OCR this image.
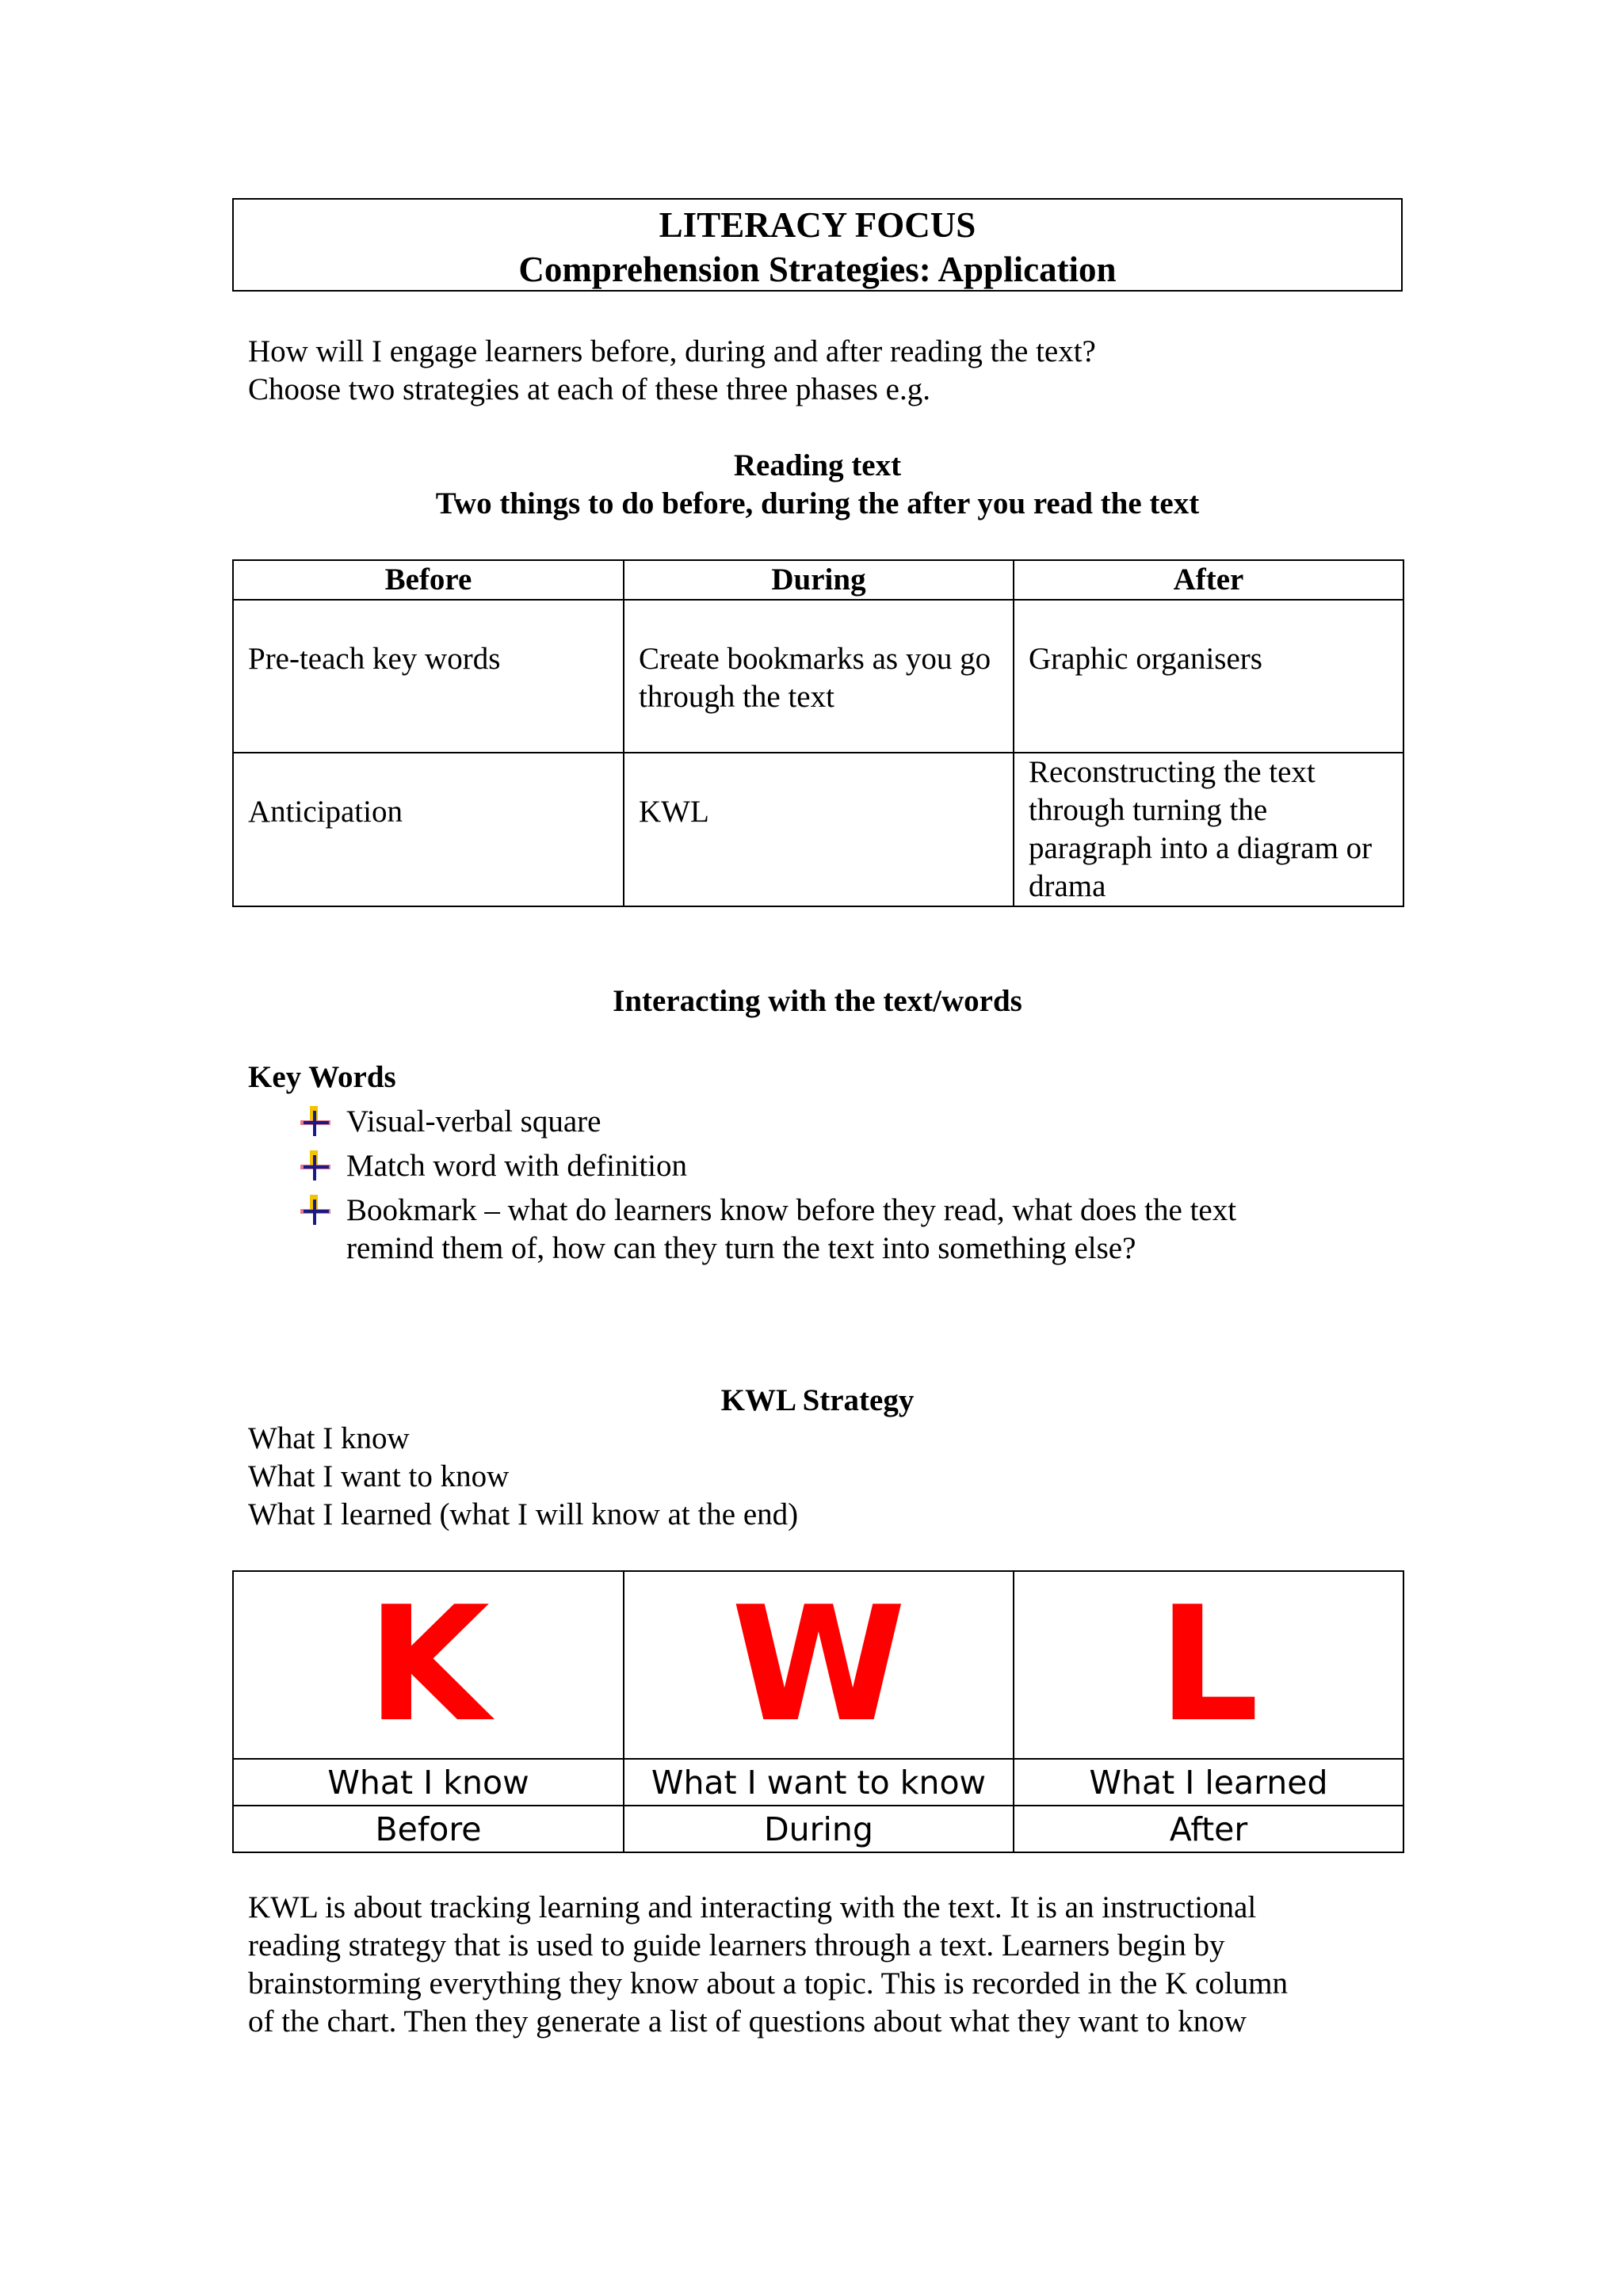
LITERACY FOCUS
Comprehension Strategies: Application
How will I engage learners before, during and after reading the text?
Choose two strategies at each of these three phases e.g.
Reading text
Two things to do before, during the after you read the text
Before	During	After
Pre-teach key words	Create bookmarks as you go through the text	Graphic organisers
Anticipation	KWL	Reconstructing the text through turning the paragraph into a diagram or drama
Interacting with the text/words
Key Words
Visual-verbal square
Match word with definition
Bookmark – what do learners know before they read, what does the text
remind them of, how can they turn the text into something else?
KWL Strategy
What I know
What I want to know
What I learned (what I will know at the end)
K	W	L
What I know	What I want to know	What I learned
Before	During	After
KWL is about tracking learning and interacting with the text. It is an instructional
reading strategy that is used to guide learners through a text. Learners begin by
brainstorming everything they know about a topic. This is recorded in the K column
of the chart. Then they generate a list of questions about what they want to know
